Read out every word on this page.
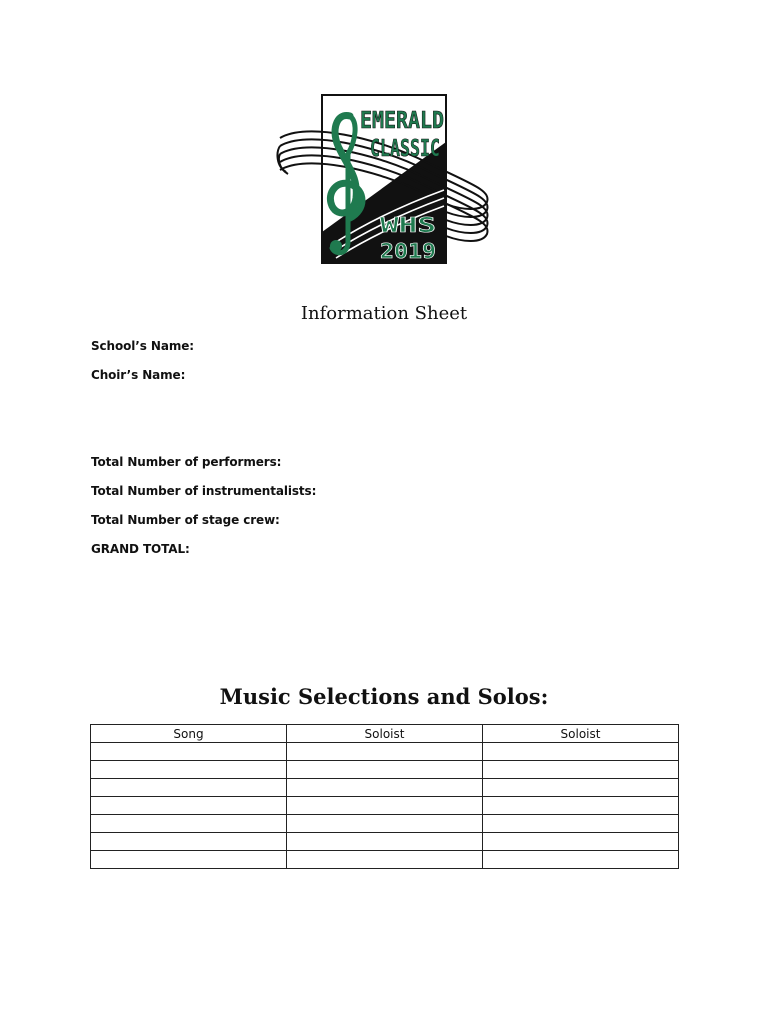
EMERALD
CLASSIC
WHS
2019
Information Sheet
School’s Name:
Choir’s Name:
Total Number of performers:
Total Number of instrumentalists:
Total Number of stage crew:
GRAND TOTAL:
Music Selections and Solos:
Song	Soloist	Soloist
